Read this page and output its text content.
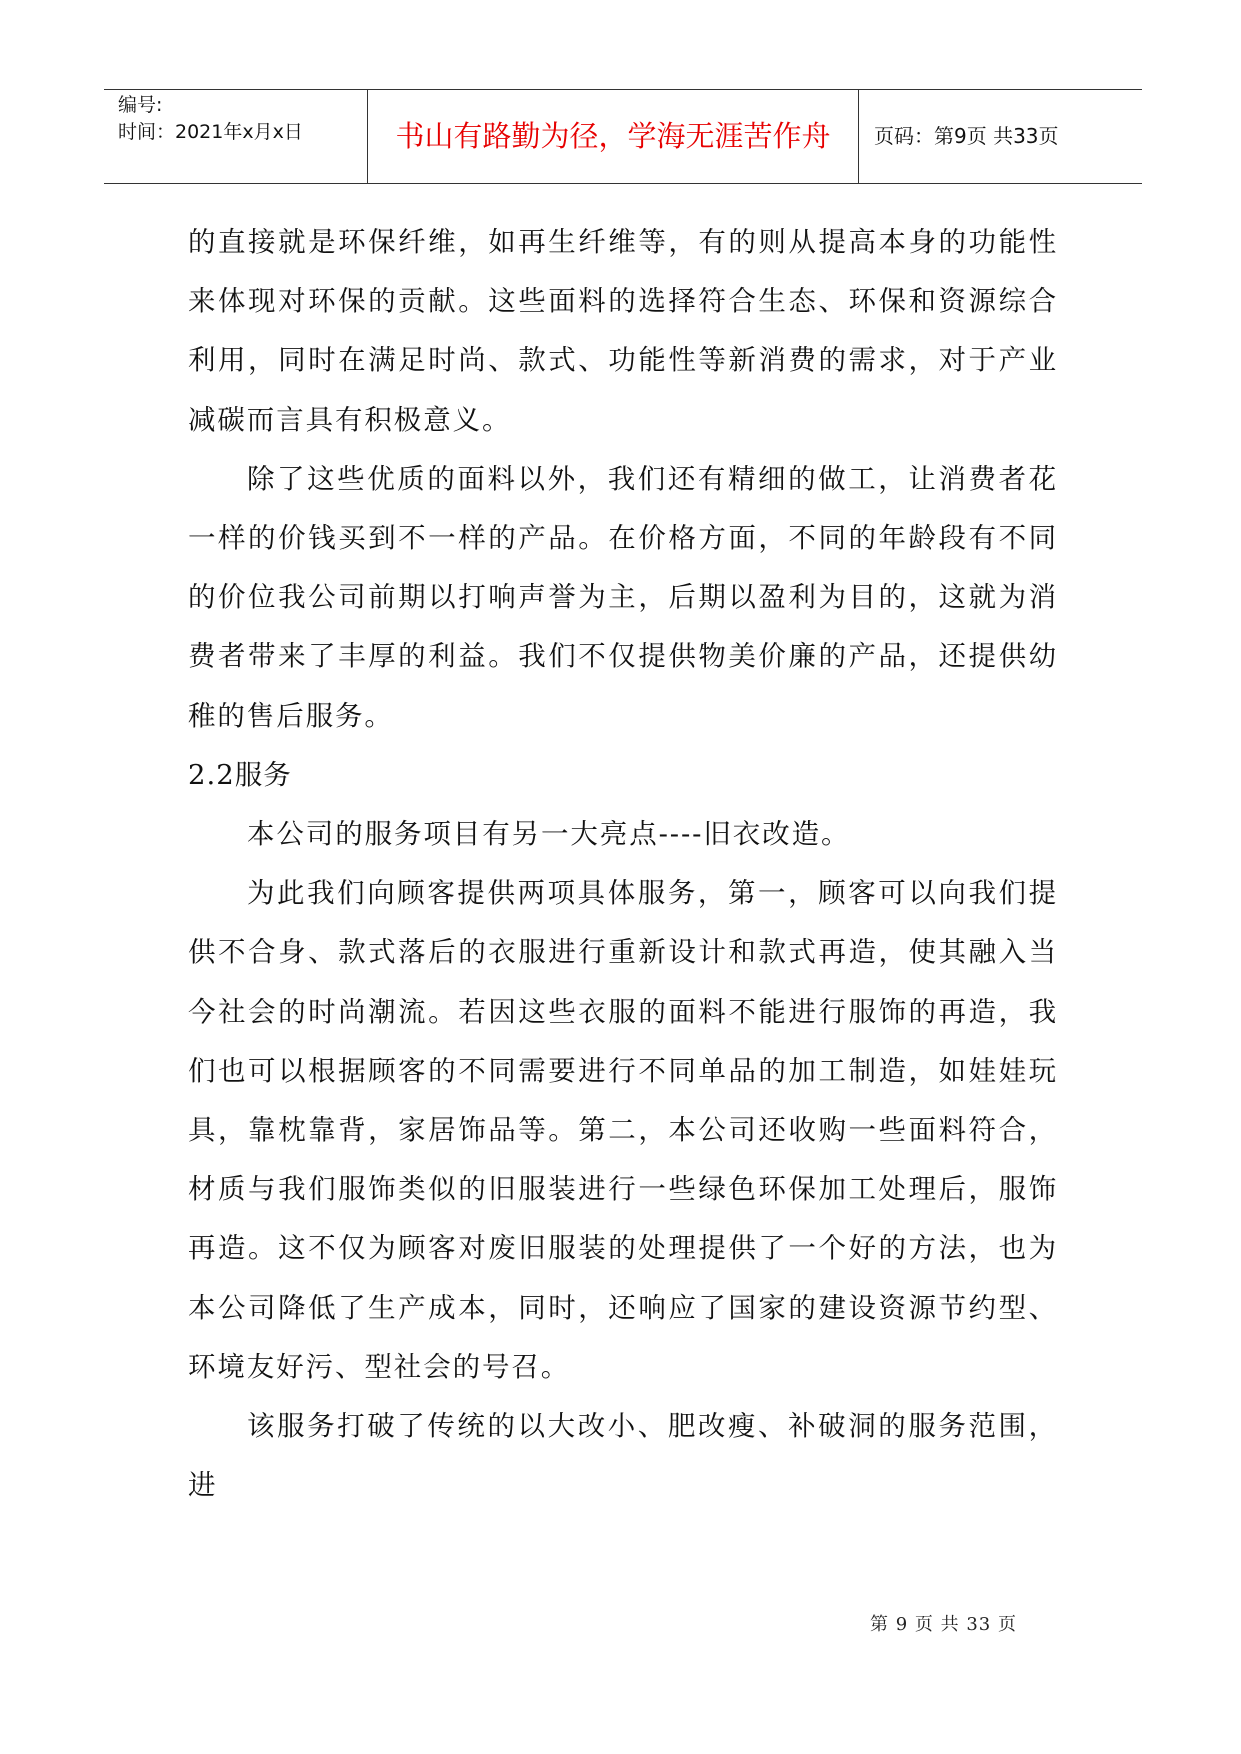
编号:
时间：2021年x月x日	书山有路勤为径，学海无涯苦作舟	页码：第9页 共33页

的直接就是环保纤维，如再生纤维等，有的则从提高本身的功能性来体现对环保的贡献。这些面料的选择符合生态、环保和资源综合利用，同时在满足时尚、款式、功能性等新消费的需求，对于产业减碳而言具有积极意义。

除了这些优质的面料以外，我们还有精细的做工，让消费者花一样的价钱买到不一样的产品。在价格方面，不同的年龄段有不同的价位我公司前期以打响声誉为主，后期以盈利为目的，这就为消费者带来了丰厚的利益。我们不仅提供物美价廉的产品，还提供幼稚的售后服务。

2.2服务

本公司的服务项目有另一大亮点----旧衣改造。

为此我们向顾客提供两项具体服务，第一，顾客可以向我们提供不合身、款式落后的衣服进行重新设计和款式再造，使其融入当今社会的时尚潮流。若因这些衣服的面料不能进行服饰的再造，我们也可以根据顾客的不同需要进行不同单品的加工制造，如娃娃玩具，靠枕靠背，家居饰品等。第二，本公司还收购一些面料符合，材质与我们服饰类似的旧服装进行一些绿色环保加工处理后，服饰再造。这不仅为顾客对废旧服装的处理提供了一个好的方法，也为本公司降低了生产成本，同时，还响应了国家的建设资源节约型、环境友好污、型社会的号召。

该服务打破了传统的以大改小、肥改瘦、补破洞的服务范围，进

第 9 页 共 33 页
